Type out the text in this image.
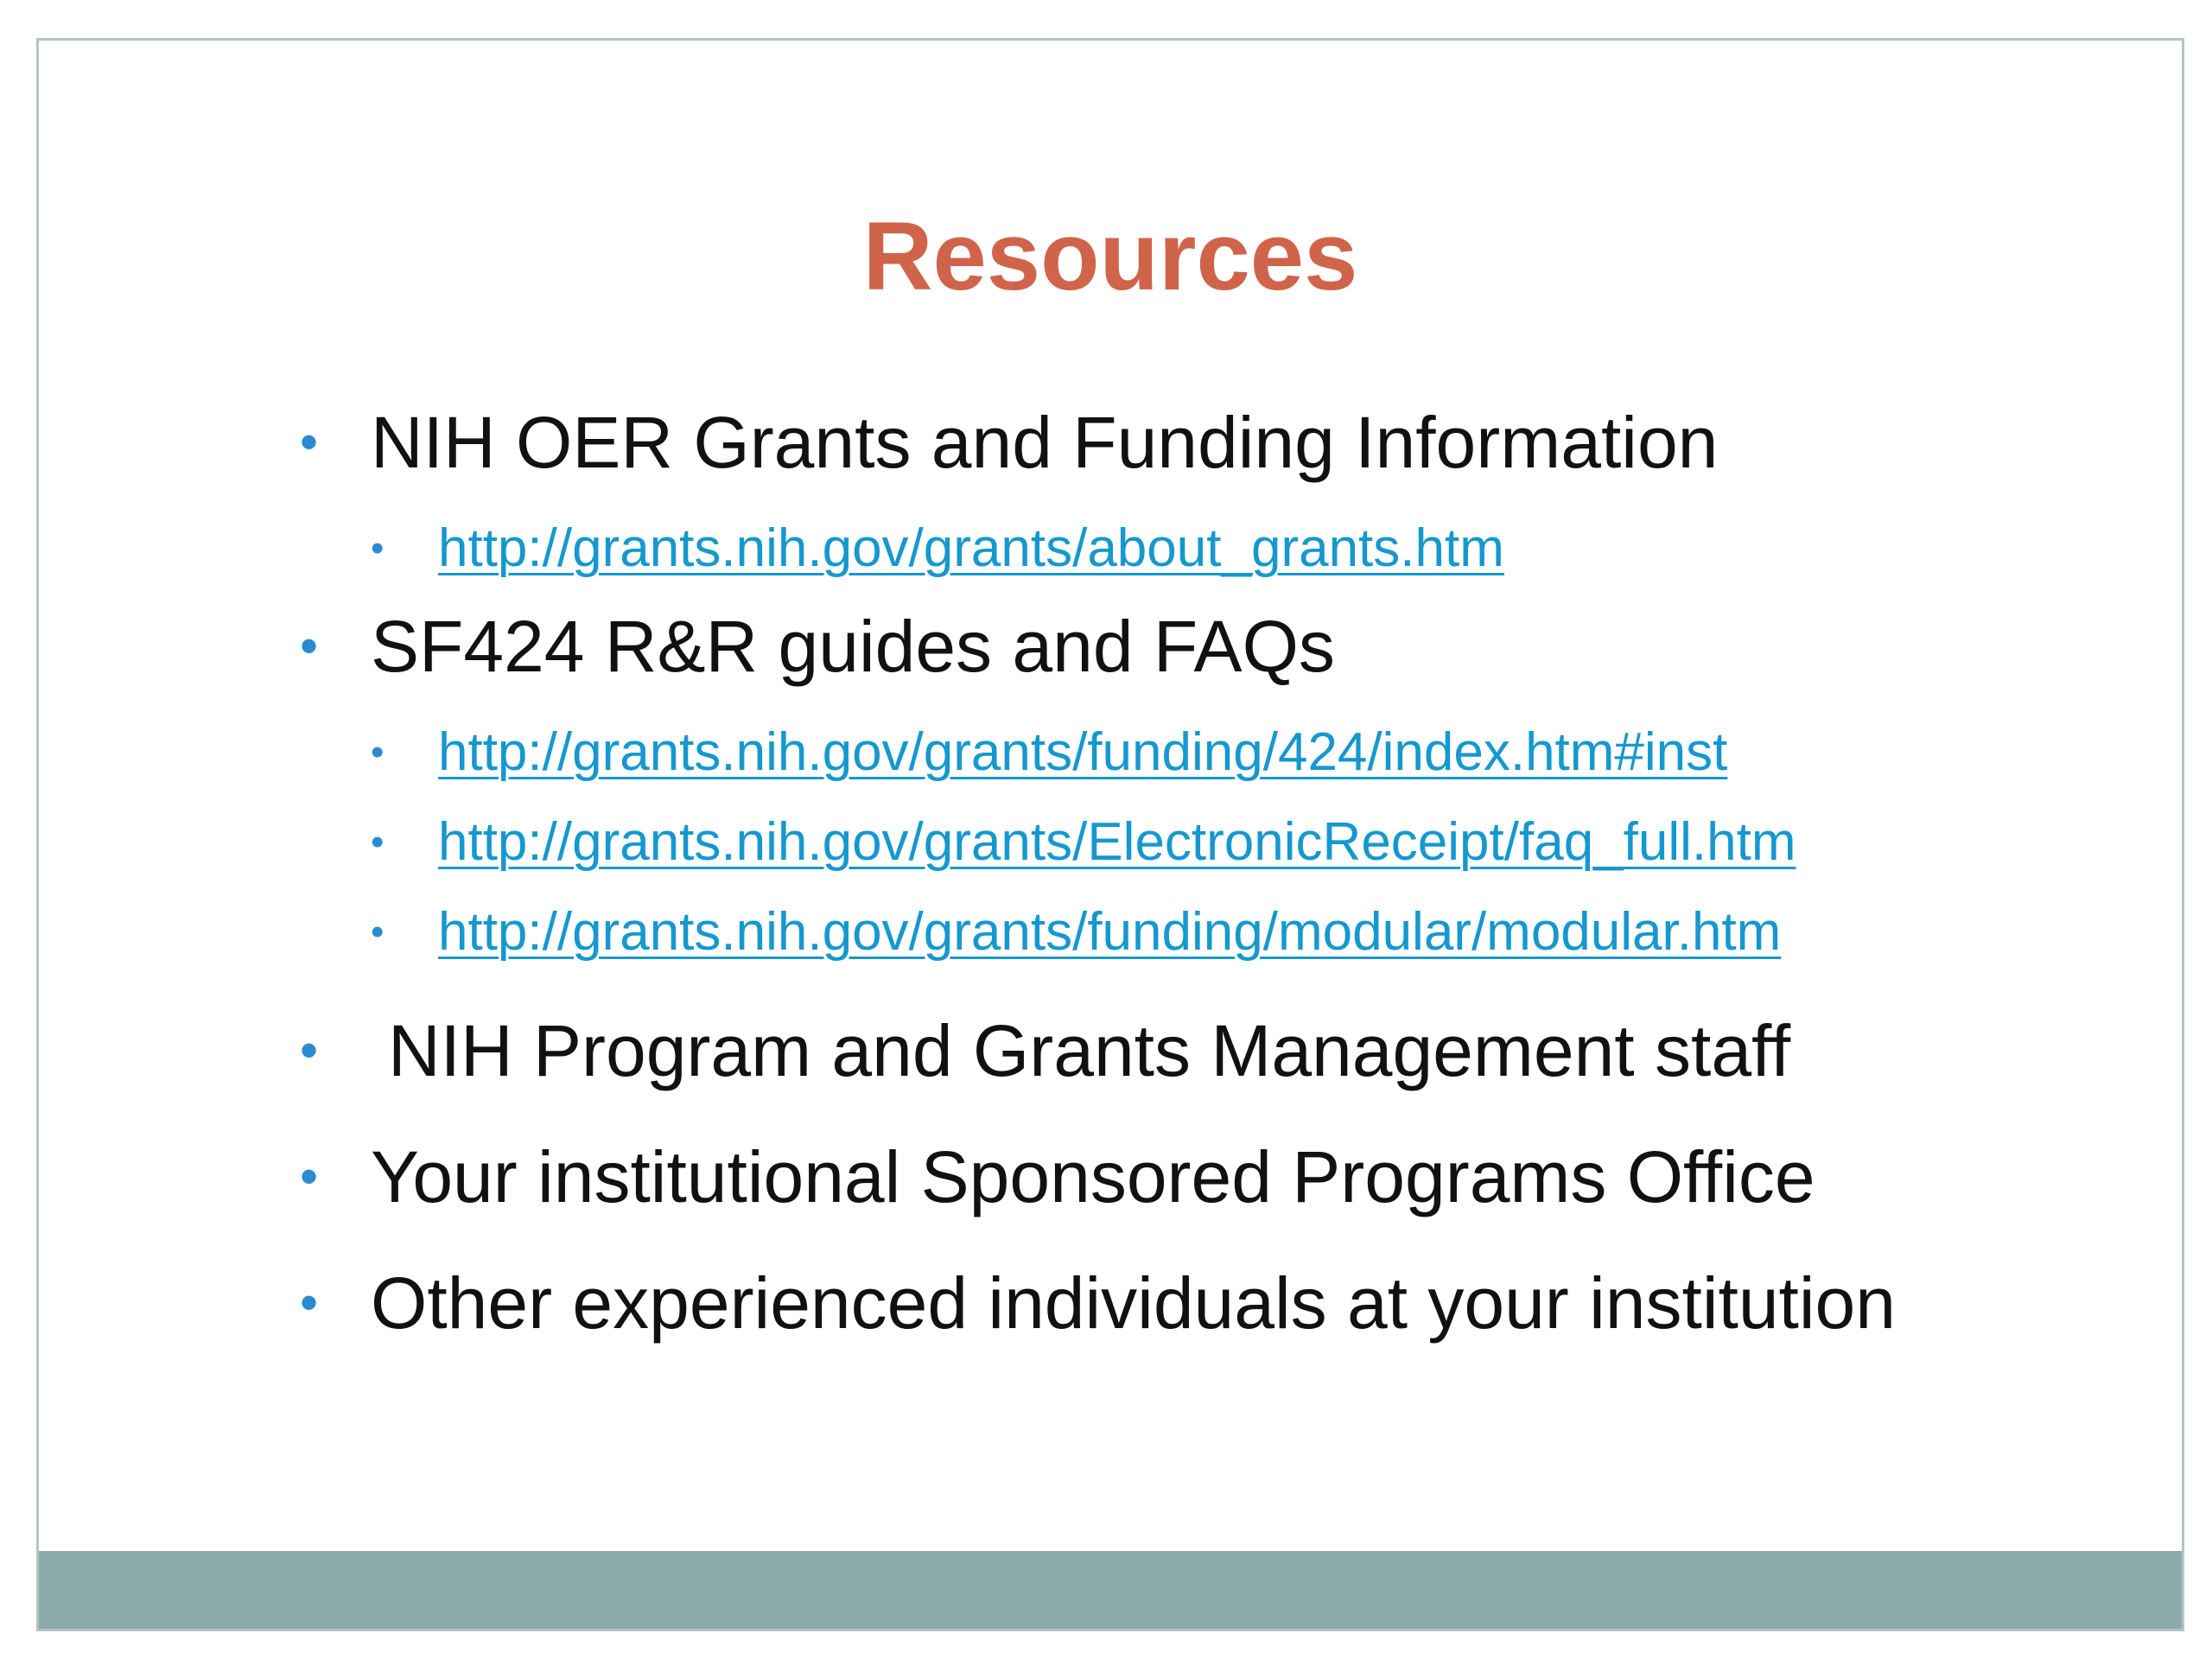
Resources
• NIH OER Grants and Funding Information
• http://grants.nih.gov/grants/about_grants.htm
• SF424 R&R guides and FAQs
• http://grants.nih.gov/grants/funding/424/index.htm#inst
• http://grants.nih.gov/grants/ElectronicReceipt/faq_full.htm
• http://grants.nih.gov/grants/funding/modular/modular.htm
• NIH Program and Grants Management staff
• Your institutional Sponsored Programs Office
• Other experienced individuals at your institution
